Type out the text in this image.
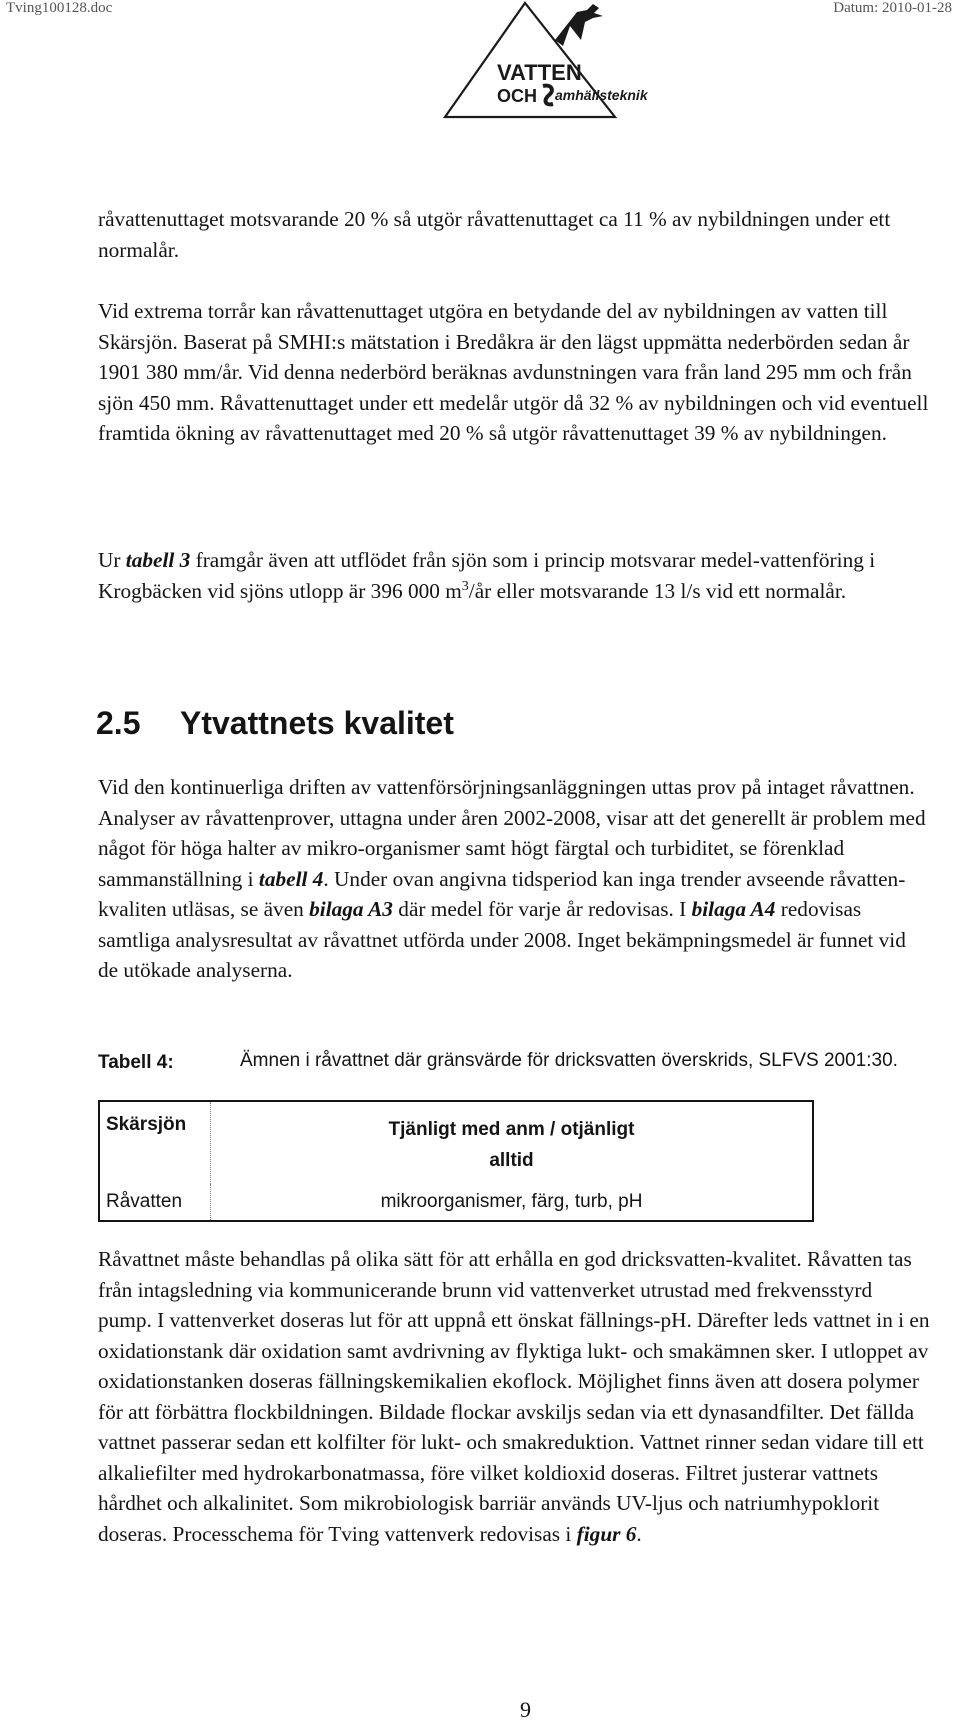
Tving100128.doc	Datum: 2010-01-28
VATTEN
OCH amhällsteknik

råvattenuttaget motsvarande 20 % så utgör råvattenuttaget ca 11 % av nybildningen under ett normalår.

Vid extrema torrår kan råvattenuttaget utgöra en betydande del av nybildningen av vatten till Skärsjön. Baserat på SMHI:s mätstation i Bredåkra är den lägst uppmätta nederbörden sedan år 1901 380 mm/år. Vid denna nederbörd beräknas avdunstningen vara från land 295 mm och från sjön 450 mm. Råvattenuttaget under ett medelår utgör då 32 % av nybildningen och vid eventuell framtida ökning av råvattenuttaget med 20 % så utgör råvattenuttaget 39 % av nybildningen.

Ur tabell 3 framgår även att utflödet från sjön som i princip motsvarar medel-vattenföring i Krogbäcken vid sjöns utlopp är 396 000 $m^3/år$ eller motsvarande 13 l/s vid ett normalår.

2.5 Ytvattnets kvalitet

Vid den kontinuerliga driften av vattenförsörjningsanläggningen uttas prov på intaget råvattnen. Analyser av råvattenprover, uttagna under åren 2002-2008, visar att det generellt är problem med något för höga halter av mikro-organismer samt högt färgtal och turbiditet, se förenklad sammanställning i tabell 4. Under ovan angivna tidsperiod kan inga trender avseende råvatten-kvaliten utläsas, se även bilaga A3 där medel för varje år redovisas. I bilaga A4 redovisas samtliga analysresultat av råvattnet utförda under 2008. Inget bekämpningsmedel är funnet vid de utökade analyserna.

Tabell 4:	Ämnen i råvattnet där gränsvärde för dricksvatten överskrids, SLFVS 2001:30.
Skärsjön	Tjänligt med anm / otjänligt
alltid
Råvatten	mikroorganismer, färg, turb, pH

Råvattnet måste behandlas på olika sätt för att erhålla en god dricksvatten-kvalitet. Råvatten tas från intagsledning via kommunicerande brunn vid vattenverket utrustad med frekvensstyrd pump. I vattenverket doseras lut för att uppnå ett önskat fällnings-pH. Därefter leds vattnet in i en oxidationstank där oxidation samt avdrivning av flyktiga lukt- och smakämnen sker. I utloppet av oxidationstanken doseras fällningskemikalien ekoflock. Möjlighet finns även att dosera polymer för att förbättra flockbildningen. Bildade flockar avskiljs sedan via ett dynasandfilter. Det fällda vattnet passerar sedan ett kolfilter för lukt- och smakreduktion. Vattnet rinner sedan vidare till ett alkaliefilter med hydrokarbonatmassa, före vilket koldioxid doseras. Filtret justerar vattnets hårdhet och alkalinitet. Som mikrobiologisk barriär används UV-ljus och natriumhypoklorit doseras. Processchema för Tving vattenverk redovisas i figur 6.

9
